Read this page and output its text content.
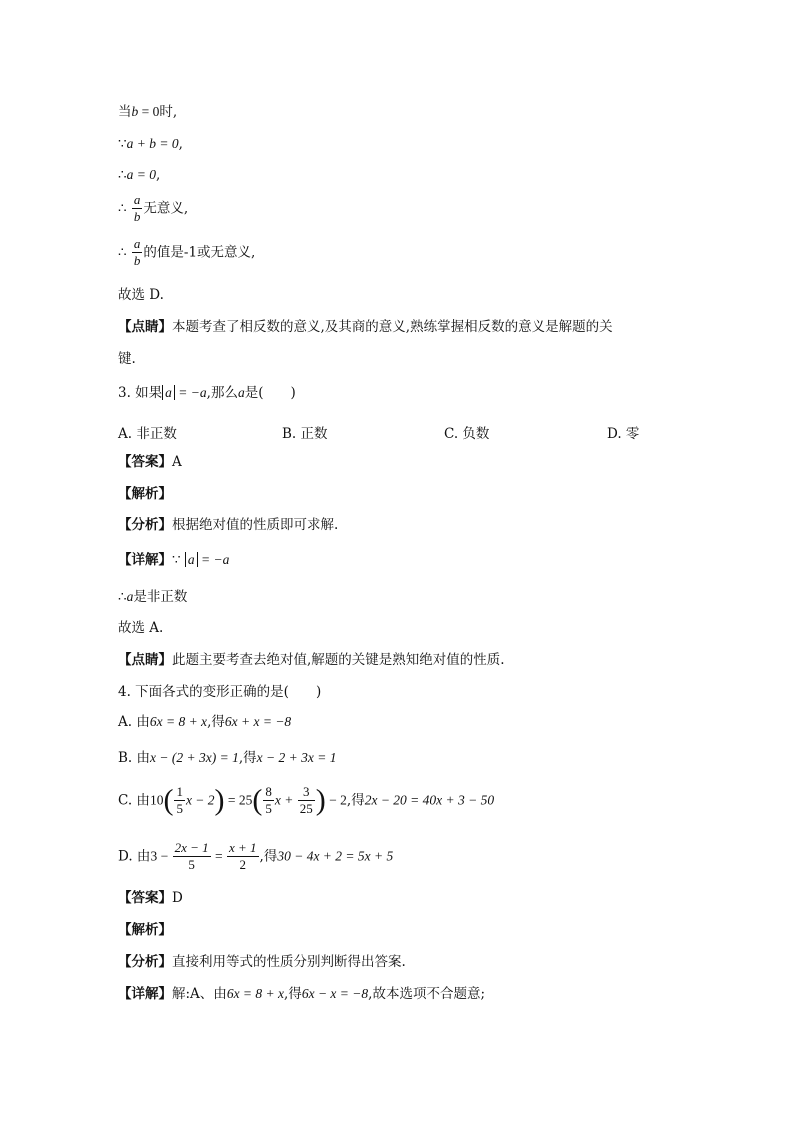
当b = 0时,
∵a + b = 0,
∴a = 0,
∴ $\frac{a}{b}$ 无意义,
∴ $\frac{a}{b}$ 的值是-1或无意义,
故选 D.
【点睛】本题考查了相反数的意义,及其商的意义,熟练掌握相反数的意义是解题的关
键.
3. 如果 a = −a,那么a是(　　)
A. 非正数	B. 正数	C. 负数	D. 零
【答案】A
【解析】
【分析】根据绝对值的性质即可求解.
【详解】∵ a = −a
∴a是非正数
故选 A.
【点睛】此题主要考查去绝对值,解题的关键是熟知绝对值的性质.
4. 下面各式的变形正确的是(　　)
A. 由6x = 8 + x,得6x + x = −8
B. 由x − (2 + 3x) = 1,得x − 2 + 3x = 1
C. 由$10( \frac{1}{5}$ $x - 2) = 25( \frac{8}{5}$ $x + \frac{3}{25}$ ) − 2,得2x − 20 = 40x + 3 − 50
D. 由$3 - \frac{2x - 1}{5} = \frac{x + 1}{2}$ ,得30 − 4x + 2 = 5x + 5
【答案】D
【解析】
【分析】直接利用等式的性质分别判断得出答案.
【详解】解:A、由6x = 8 + x,得6x − x = −8,故本选项不合题意;
